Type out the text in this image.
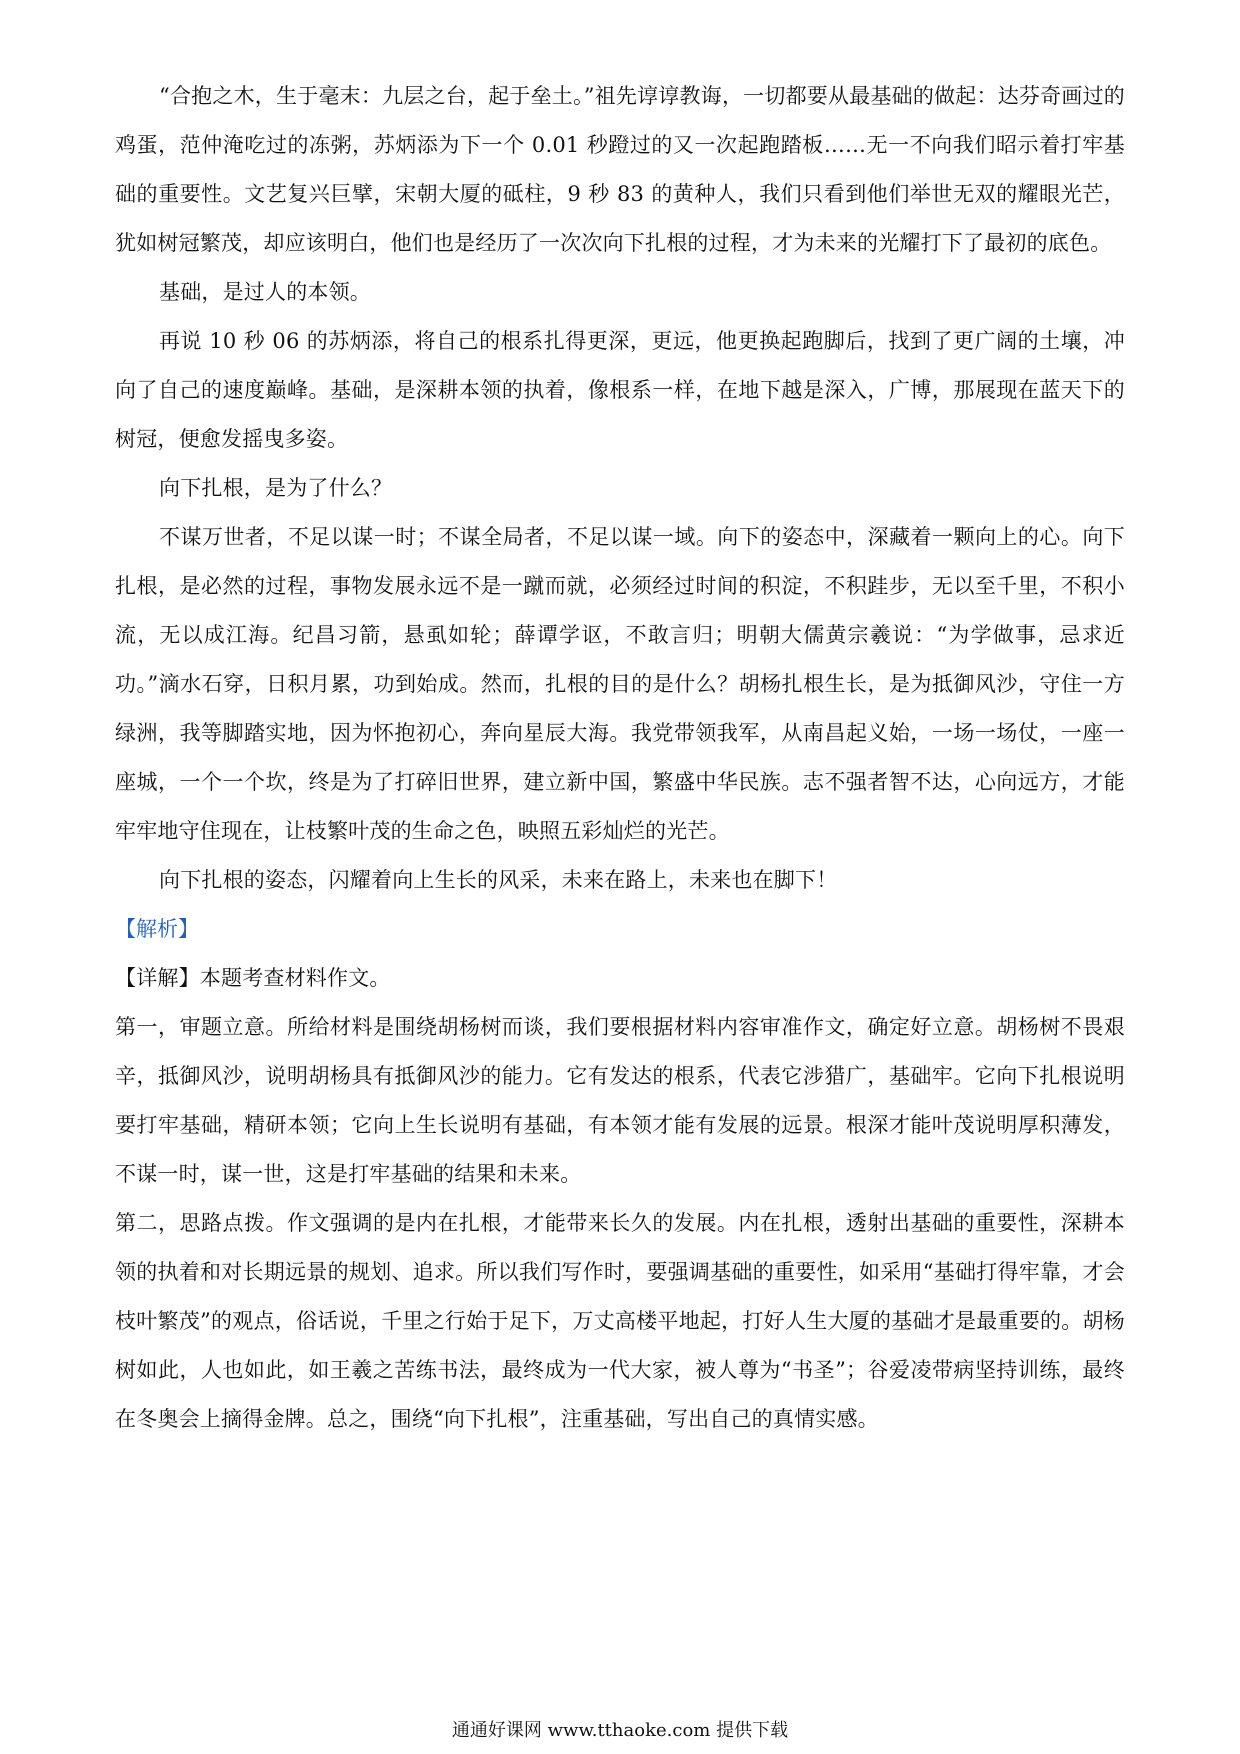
“合抱之木，生于毫末：九层之台，起于垒土。”祖先谆谆教诲，一切都要从最基础的做起：达芬奇画过的鸡蛋，范仲淹吃过的冻粥，苏炳添为下一个 0.01 秒蹬过的又一次起跑踏板……无一不向我们昭示着打牢基础的重要性。文艺复兴巨擘，宋朝大厦的砥柱，9 秒 83 的黄种人，我们只看到他们举世无双的耀眼光芒，犹如树冠繁茂，却应该明白，他们也是经历了一次次向下扎根的过程，才为未来的光耀打下了最初的底色。

基础，是过人的本领。

再说 10 秒 06 的苏炳添，将自己的根系扎得更深，更远，他更换起跑脚后，找到了更广阔的土壤，冲向了自己的速度巅峰。基础，是深耕本领的执着，像根系一样，在地下越是深入，广博，那展现在蓝天下的树冠，便愈发摇曳多姿。

向下扎根，是为了什么？

不谋万世者，不足以谋一时；不谋全局者，不足以谋一域。向下的姿态中，深藏着一颗向上的心。向下扎根，是必然的过程，事物发展永远不是一蹴而就，必须经过时间的积淀，不积跬步，无以至千里，不积小流，无以成江海。纪昌习箭，悬虱如轮；薛谭学讴，不敢言归；明朝大儒黄宗羲说：“为学做事，忌求近功。”滴水石穿，日积月累，功到始成。然而，扎根的目的是什么？胡杨扎根生长，是为抵御风沙，守住一方绿洲，我等脚踏实地，因为怀抱初心，奔向星辰大海。我党带领我军，从南昌起义始，一场一场仗，一座一座城，一个一个坎，终是为了打碎旧世界，建立新中国，繁盛中华民族。志不强者智不达，心向远方，才能牢牢地守住现在，让枝繁叶茂的生命之色，映照五彩灿烂的光芒。

向下扎根的姿态，闪耀着向上生长的风采，未来在路上，未来也在脚下！

【解析】

【详解】本题考查材料作文。

第一，审题立意。所给材料是围绕胡杨树而谈，我们要根据材料内容审准作文，确定好立意。胡杨树不畏艰辛，抵御风沙，说明胡杨具有抵御风沙的能力。它有发达的根系，代表它涉猎广，基础牢。它向下扎根说明要打牢基础，精研本领；它向上生长说明有基础，有本领才能有发展的远景。根深才能叶茂说明厚积薄发，不谋一时，谋一世，这是打牢基础的结果和未来。

第二，思路点拨。作文强调的是内在扎根，才能带来长久的发展。内在扎根，透射出基础的重要性，深耕本领的执着和对长期远景的规划、追求。所以我们写作时，要强调基础的重要性，如采用“基础打得牢靠，才会枝叶繁茂”的观点，俗话说，千里之行始于足下，万丈高楼平地起，打好人生大厦的基础才是最重要的。胡杨树如此，人也如此，如王羲之苦练书法，最终成为一代大家，被人尊为“书圣”；谷爱凌带病坚持训练，最终在冬奥会上摘得金牌。总之，围绕“向下扎根”，注重基础，写出自己的真情实感。

通通好课网 www.tthaoke.com 提供下载
